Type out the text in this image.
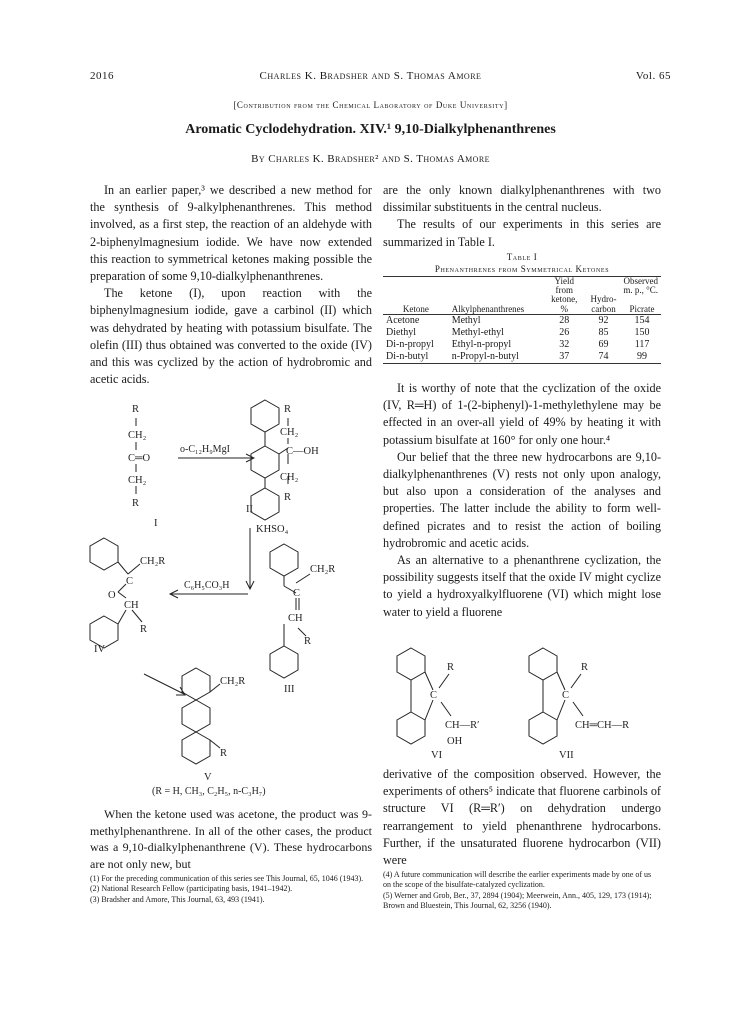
2016	Charles K. Bradsher and S. Thomas Amore	Vol. 65
[Contribution from the Chemical Laboratory of Duke University]
Aromatic Cyclodehydration. XIV.¹ 9,10-Dialkylphenanthrenes
By Charles K. Bradsher² and S. Thomas Amore

In an earlier paper,³ we described a new method for the synthesis of 9-alkylphenanthrenes. This method involved, as a first step, the reaction of an aldehyde with 2-biphenylmagnesium iodide. We have now extended this reaction to symmetrical ketones making possible the preparation of some 9,10-dialkylphenanthrenes.

The ketone (I), upon reaction with the biphenylmagnesium iodide, gave a carbinol (II) which was dehydrated by heating with potassium bisulfate. The olefin (III) thus obtained was converted to the oxide (IV) and this was cyclized by the action of hydrobromic and acetic acids.

R
CH₂
C═O
CH₂
R
I
o-C₁₂H₉MgI
R
CH₂
C—OH
CH₂
R
II
KHSO₄
CH₂R
C
CH
R
III
C₆H₅CO₃H
CH₂R
C
O
CH
R
IV
CH₂R
R
V
(R = H, CH₃, C₂H₅, n-C₃H₇)

When the ketone used was acetone, the product was 9-methylphenanthrene. In all of the other cases, the product was a 9,10-dialkylphenanthrene (V). These hydrocarbons are not only new, but

(1) For the preceding communication of this series see This Journal, 65, 1046 (1943).

(2) National Research Fellow (participating basis, 1941–1942).

(3) Bradsher and Amore, This Journal, 63, 493 (1941).

are the only known dialkylphenanthrenes with two dissimilar substituents in the central nucleus.

The results of our experiments in this series are summarized in Table I.

Table I
Phenanthrenes from Symmetrical Ketones
		Yield	Observed	
		from	m. p., °C.	
		ketone,	Hydro-	
Ketone	Alkylphenanthrenes	%	carbon	Picrate
Acetone	Methyl	28	92	154
Diethyl	Methyl-ethyl	26	85	150
Di-n-propyl	Ethyl-n-propyl	32	69	117
Di-n-butyl	n-Propyl-n-butyl	37	74	99

It is worthy of note that the cyclization of the oxide (IV, R═H) of 1-(2-biphenyl)-1-methylethylene may be effected in an over-all yield of 49% by heating it with potassium bisulfate at 160° for only one hour.⁴

Our belief that the three new hydrocarbons are 9,10-dialkylphenanthrenes (V) rests not only upon analogy, but also upon a consideration of the analyses and properties. The latter include the ability to form well-defined picrates and to resist the action of boiling hydrobromic and acetic acids.

As an alternative to a phenanthrene cyclization, the possibility suggests itself that the oxide IV might cyclize to yield a hydroxyalkylfluorene (VI) which might lose water to yield a fluorene

R
C
CH—R′
OH
VI
R
C
CH═CH—R
VII

derivative of the composition observed. However, the experiments of others⁵ indicate that fluorene carbinols of structure VI (R═R′) on dehydration undergo rearrangement to yield phenanthrene hydrocarbons. Further, if the unsaturated fluorene hydrocarbon (VII) were

(4) A future communication will describe the earlier experiments made by one of us on the scope of the bisulfate-catalyzed cyclization.

(5) Werner and Grob, Ber., 37, 2894 (1904); Meerwein, Ann., 405, 129, 173 (1914); Brown and Bluestein, This Journal, 62, 3256 (1940).
